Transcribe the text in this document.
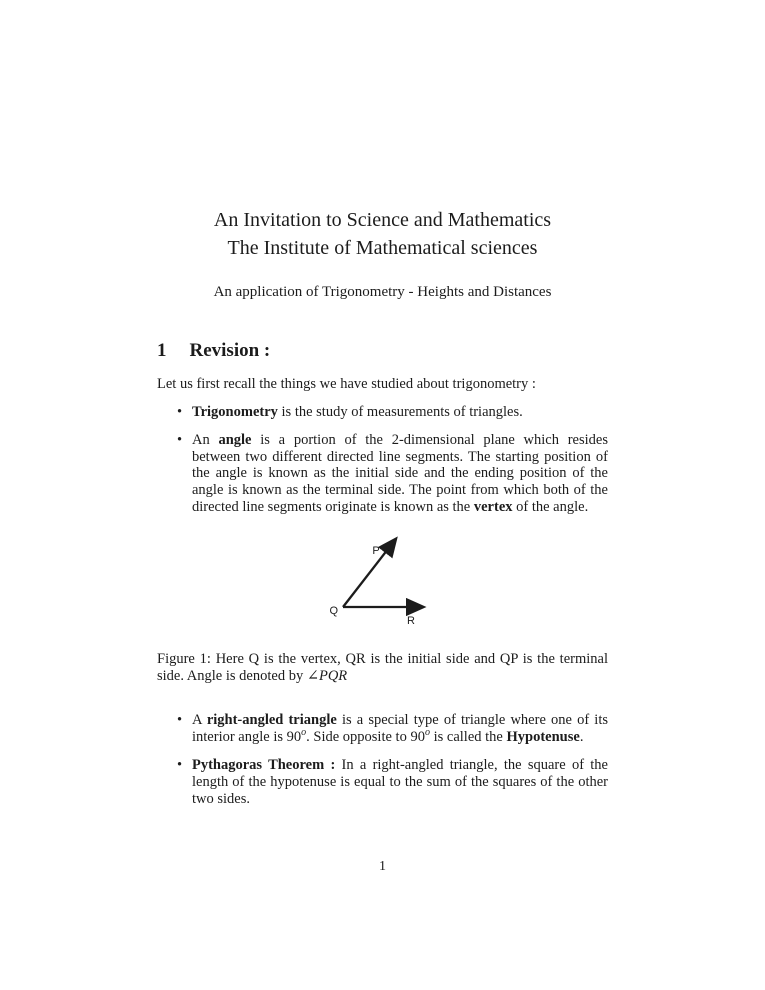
An Invitation to Science and Mathematics
The Institute of Mathematical sciences
An application of Trigonometry - Heights and Distances
1 Revision :
Let us first recall the things we have studied about trigonometry :
• Trigonometry is the study of measurements of triangles.
• An angle is a portion of the 2-dimensional plane which resides between two different directed line segments. The starting position of the angle is known as the initial side and the ending position of the angle is known as the terminal side. The point from which both of the directed line segments originate is known as the vertex of the angle.
Q
P
R
Figure 1: Here Q is the vertex, QR is the initial side and QP is the terminal side. Angle is denoted by ∠PQR
• A right-angled triangle is a special type of triangle where one of its interior angle is 90$^o$. Side opposite to 90$^o$ is called the Hypotenuse.
• Pythagoras Theorem : In a right-angled triangle, the square of the length of the hypotenuse is equal to the sum of the squares of the other two sides.
1
